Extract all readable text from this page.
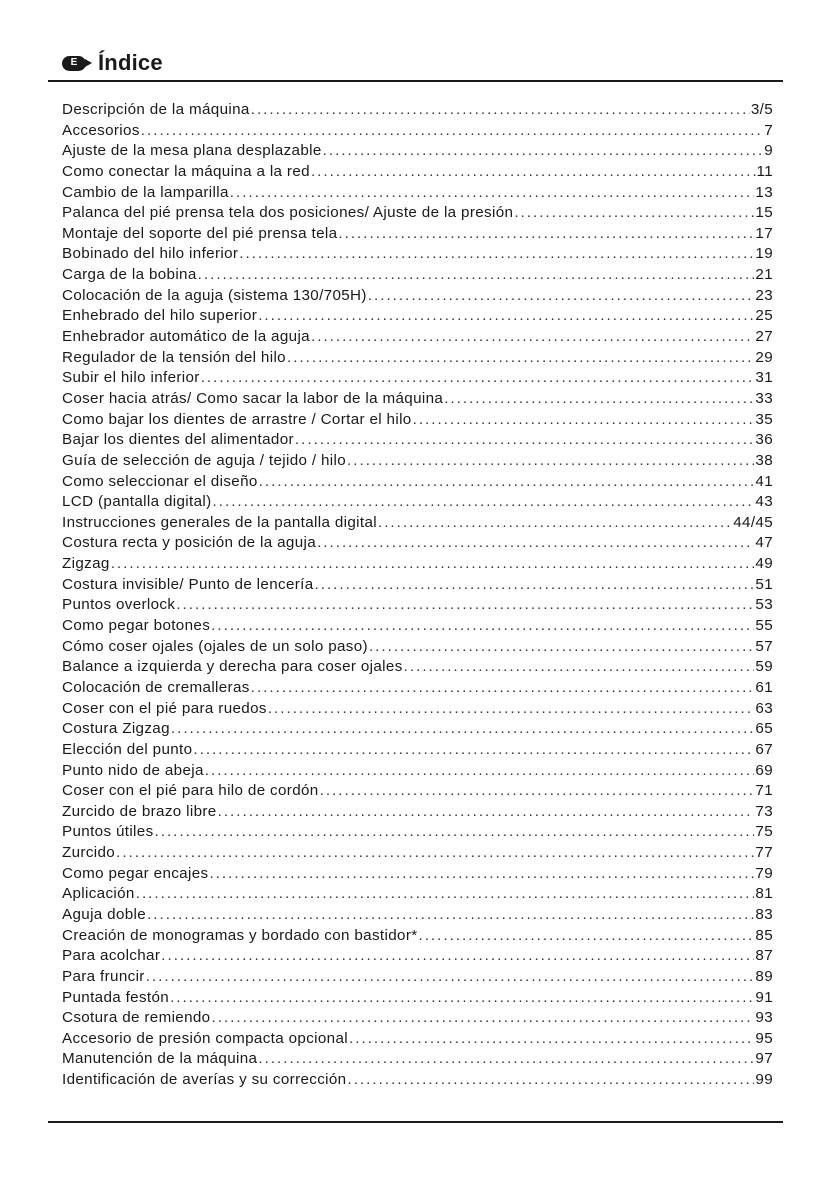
E Índice
Descripción de la máquina .....	3/5
Accesorios .....	7
Ajuste de la mesa plana desplazable .....	9
Como conectar la máquina a la red .....	11
Cambio de la lamparilla .....	13
Palanca del pié prensa tela dos posiciones/ Ajuste de la presión .....	15
Montaje del soporte del pié prensa tela .....	17
Bobinado del hilo inferior .....	19
Carga de la bobina .....	21
Colocación de la aguja (sistema 130/705H) .....	23
Enhebrado del hilo superior .....	25
Enhebrador automático de la aguja .....	27
Regulador de la tensión del hilo .....	29
Subir el hilo inferior .....	31
Coser hacia atrás/ Como sacar la labor de la máquina .....	33
Como bajar los dientes de arrastre / Cortar el hilo .....	35
Bajar los dientes del alimentador .....	36
Guía de selección de aguja / tejido / hilo .....	38
Como seleccionar el diseño .....	41
LCD (pantalla digital) .....	43
Instrucciones generales de la pantalla digital .....	44/45
Costura recta y posición de la aguja .....	47
Zigzag .....	49
Costura invisible/ Punto de lencería .....	51
Puntos overlock .....	53
Como pegar botones .....	55
Cómo coser ojales (ojales de un solo paso) .....	57
Balance a izquierda y derecha para coser ojales .....	59
Colocación de cremalleras .....	61
Coser con el pié para ruedos .....	63
Costura Zigzag .....	65
Elección del punto .....	67
Punto nido de abeja .....	69
Coser con el pié para hilo de cordón .....	71
Zurcido de brazo libre .....	73
Puntos útiles .....	75
Zurcido .....	77
Como pegar encajes .....	79
Aplicación .....	81
Aguja doble .....	83
Creación de monogramas y bordado con bastidor* .....	85
Para acolchar .....	87
Para fruncir .....	89
Puntada festón .....	91
Csotura de remiendo .....	93
Accesorio de presión compacta opcional .....	95
Manutención de la máquina .....	97
Identificación de averías y su corrección .....	99
